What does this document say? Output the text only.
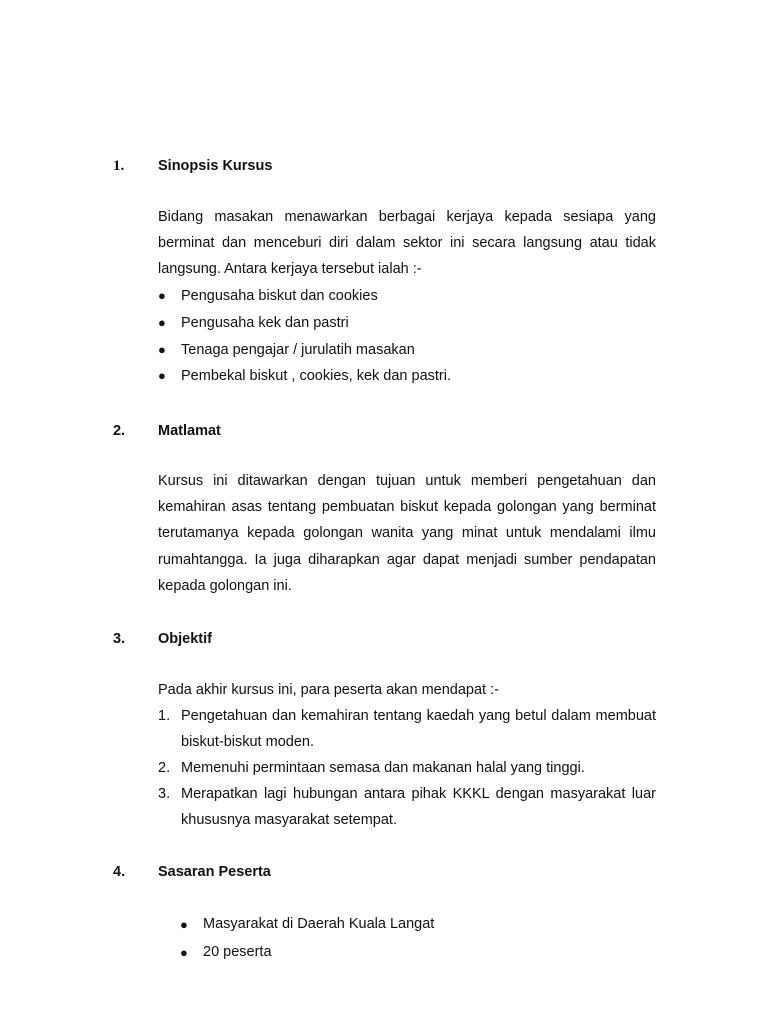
1. Sinopsis Kursus

Bidang masakan menawarkan berbagai kerjaya kepada sesiapa yang berminat dan menceburi diri dalam sektor ini secara langsung atau tidak langsung. Antara kerjaya tersebut ialah :-

● Pengusaha biskut dan cookies
● Pengusaha kek dan pastri
● Tenaga pengajar / jurulatih masakan
● Pembekal biskut , cookies, kek dan pastri.
2. Matlamat

Kursus ini ditawarkan dengan tujuan untuk memberi pengetahuan dan kemahiran asas tentang pembuatan biskut kepada golongan yang berminat terutamanya kepada golongan wanita yang minat untuk mendalami ilmu rumahtangga. Ia juga diharapkan agar dapat menjadi sumber pendapatan kepada golongan ini.

3. Objektif

Pada akhir kursus ini, para peserta akan mendapat :-

1. Pengetahuan dan kemahiran tentang kaedah yang betul dalam membuat biskut-biskut moden.
2. Memenuhi permintaan semasa dan makanan halal yang tinggi.
3. Merapatkan lagi hubungan antara pihak KKKL dengan masyarakat luar khususnya masyarakat setempat.
4. Sasaran Peserta
● Masyarakat di Daerah Kuala Langat
● 20 peserta
